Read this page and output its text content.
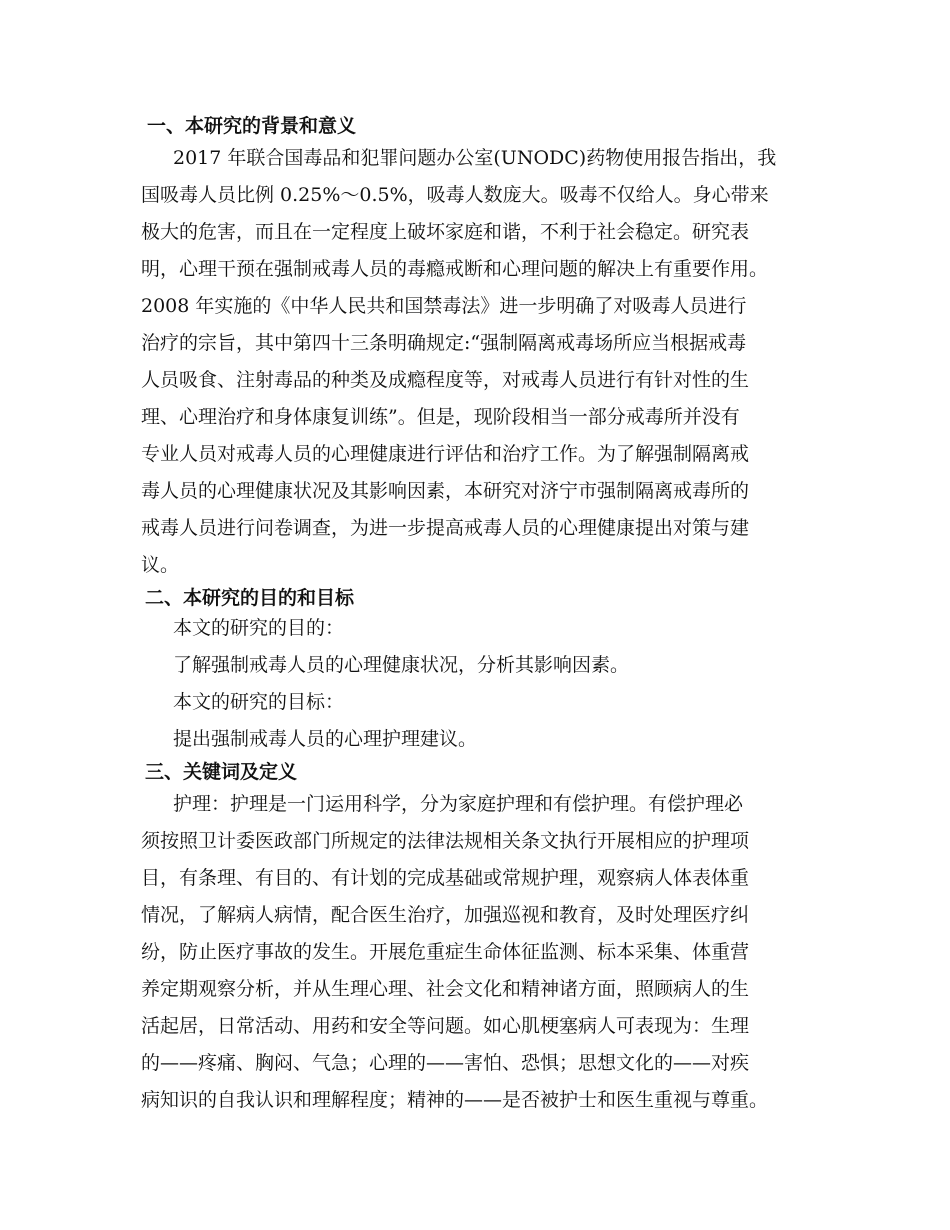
一、本研究的背景和意义
2017 年联合国毒品和犯罪问题办公室(UNODC)药物使用报告指出，我
国吸毒人员比例 0.25%～0.5%，吸毒人数庞大。吸毒不仅给人。身心带来
极大的危害，而且在一定程度上破坏家庭和谐，不利于社会稳定。研究表
明，心理干预在强制戒毒人员的毒瘾戒断和心理问题的解决上有重要作用。
2008 年实施的《中华人民共和国禁毒法》进一步明确了对吸毒人员进行
治疗的宗旨，其中第四十三条明确规定:“强制隔离戒毒场所应当根据戒毒
人员吸食、注射毒品的种类及成瘾程度等，对戒毒人员进行有针对性的生
理、心理治疗和身体康复训练”。但是，现阶段相当一部分戒毒所并没有
专业人员对戒毒人员的心理健康进行评估和治疗工作。为了解强制隔离戒
毒人员的心理健康状况及其影响因素，本研究对济宁市强制隔离戒毒所的
戒毒人员进行问卷调查，为进一步提高戒毒人员的心理健康提出对策与建
议。
二、本研究的目的和目标

本文的研究的目的：

了解强制戒毒人员的心理健康状况，分析其影响因素。

本文的研究的目标：

提出强制戒毒人员的心理护理建议。

三、关键词及定义
护理：护理是一门运用科学，分为家庭护理和有偿护理。有偿护理必
须按照卫计委医政部门所规定的法律法规相关条文执行开展相应的护理项
目，有条理、有目的、有计划的完成基础或常规护理，观察病人体表体重
情况，了解病人病情，配合医生治疗，加强巡视和教育，及时处理医疗纠
纷，防止医疗事故的发生。开展危重症生命体征监测、标本采集、体重营
养定期观察分析，并从生理心理、社会文化和精神诸方面，照顾病人的生
活起居，日常活动、用药和安全等问题。如心肌梗塞病人可表现为：生理
的——疼痛、胸闷、气急；心理的——害怕、恐惧；思想文化的——对疾
病知识的自我认识和理解程度；精神的——是否被护士和医生重视与尊重。
